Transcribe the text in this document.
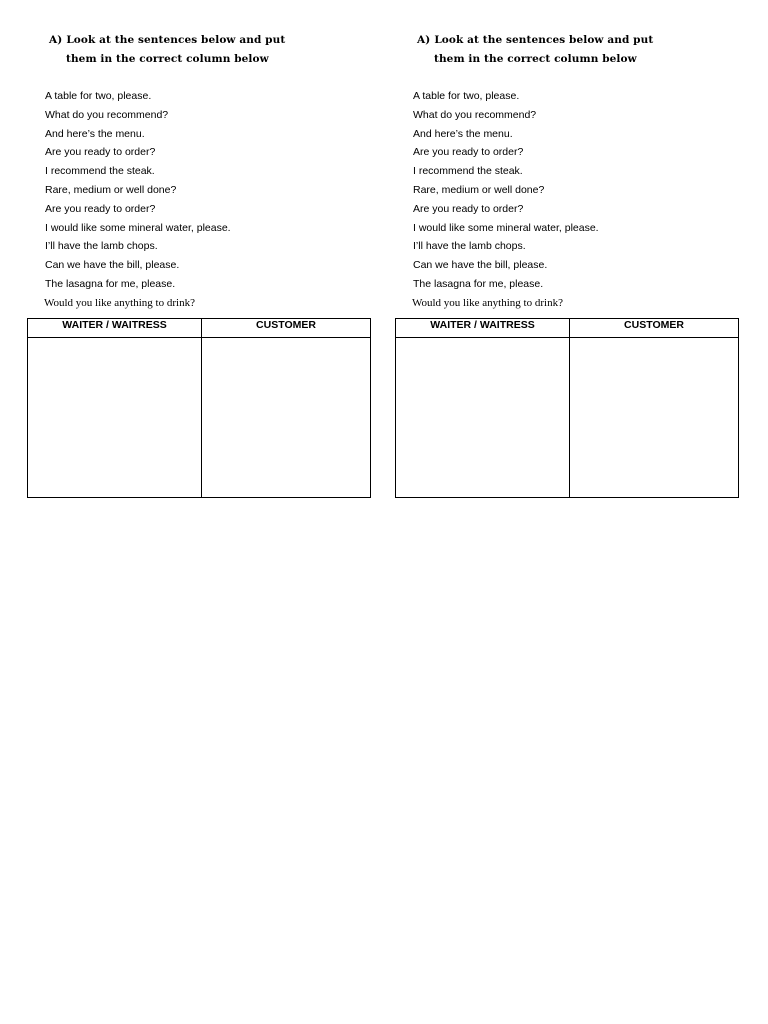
A) Look at the sentences below and put
them in the correct column below
A table for two, please.
What do you recommend?
And here’s the menu.
Are you ready to order?
I recommend the steak.
Rare, medium or well done?
Are you ready to order?
I would like some mineral water, please.
I’ll have the lamb chops.
Can we have the bill, please.
The lasagna for me, please.
Would you like anything to drink?
WAITER / WAITRESS	CUSTOMER

A) Look at the sentences below and put
them in the correct column below
A table for two, please.
What do you recommend?
And here’s the menu.
Are you ready to order?
I recommend the steak.
Rare, medium or well done?
Are you ready to order?
I would like some mineral water, please.
I’ll have the lamb chops.
Can we have the bill, please.
The lasagna for me, please.
Would you like anything to drink?
WAITER / WAITRESS	CUSTOMER
